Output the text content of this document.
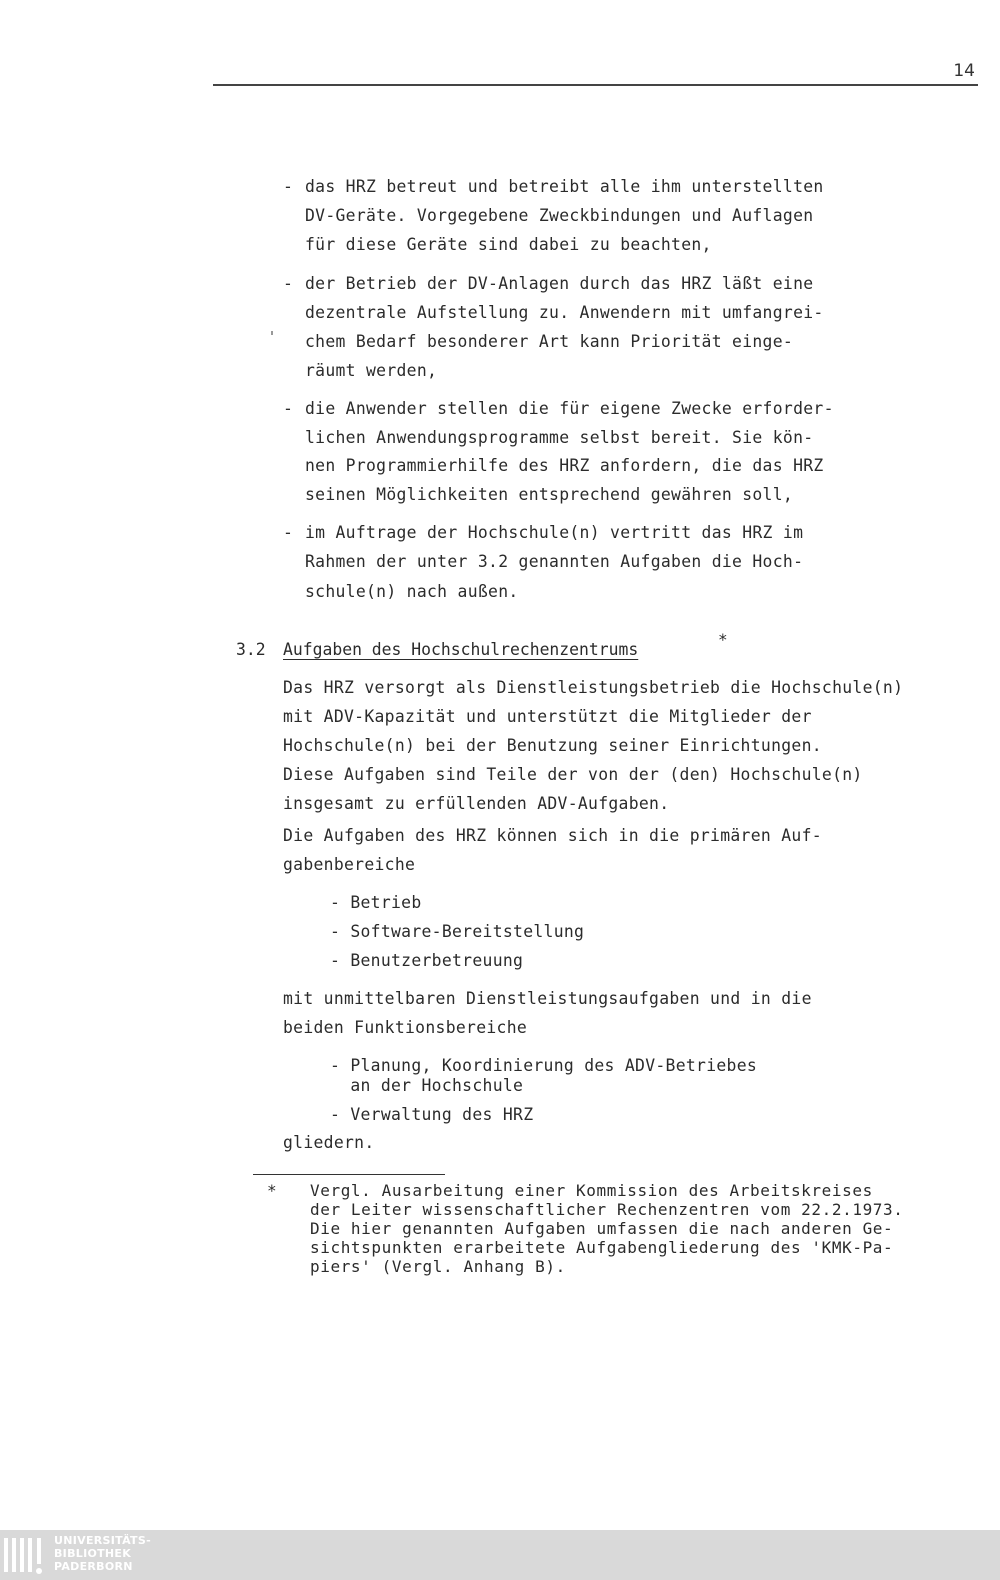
14
- das HRZ betreut und betreibt alle ihm unterstellten
DV-Geräte. Vorgegebene Zweckbindungen und Auflagen
für diese Geräte sind dabei zu beachten,
- der Betrieb der DV-Anlagen durch das HRZ läßt eine
dezentrale Aufstellung zu. Anwendern mit umfangrei-
chem Bedarf besonderer Art kann Priorität einge-
räumt werden,
- die Anwender stellen die für eigene Zwecke erforder-
lichen Anwendungsprogramme selbst bereit. Sie kön-
nen Programmierhilfe des HRZ anfordern, die das HRZ
seinen Möglichkeiten entsprechend gewähren soll,
- im Auftrage der Hochschule(n) vertritt das HRZ im
Rahmen der unter 3.2 genannten Aufgaben die Hoch-
schule(n) nach außen.
3.2 Aufgaben des Hochschulrechenzentrums
*
Das HRZ versorgt als Dienstleistungsbetrieb die Hochschule(n)
mit ADV-Kapazität und unterstützt die Mitglieder der
Hochschule(n) bei der Benutzung seiner Einrichtungen.
Diese Aufgaben sind Teile der von der (den) Hochschule(n)
insgesamt zu erfüllenden ADV-Aufgaben.
Die Aufgaben des HRZ können sich in die primären Auf-
gabenbereiche
- Betrieb
- Software-Bereitstellung
- Benutzerbetreuung
mit unmittelbaren Dienstleistungsaufgaben und in die
beiden Funktionsbereiche
- Planung, Koordinierung des ADV-Betriebes
an der Hochschule
- Verwaltung des HRZ
gliedern.
* Vergl. Ausarbeitung einer Kommission des Arbeitskreises
der Leiter wissenschaftlicher Rechenzentren vom 22.2.1973.
Die hier genannten Aufgaben umfassen die nach anderen Ge-
sichtspunkten erarbeitete Aufgabengliederung des 'KMK-Pa-
piers' (Vergl. Anhang B).
UNIVERSITÄTS-
BIBLIOTHEK
PADERBORN
